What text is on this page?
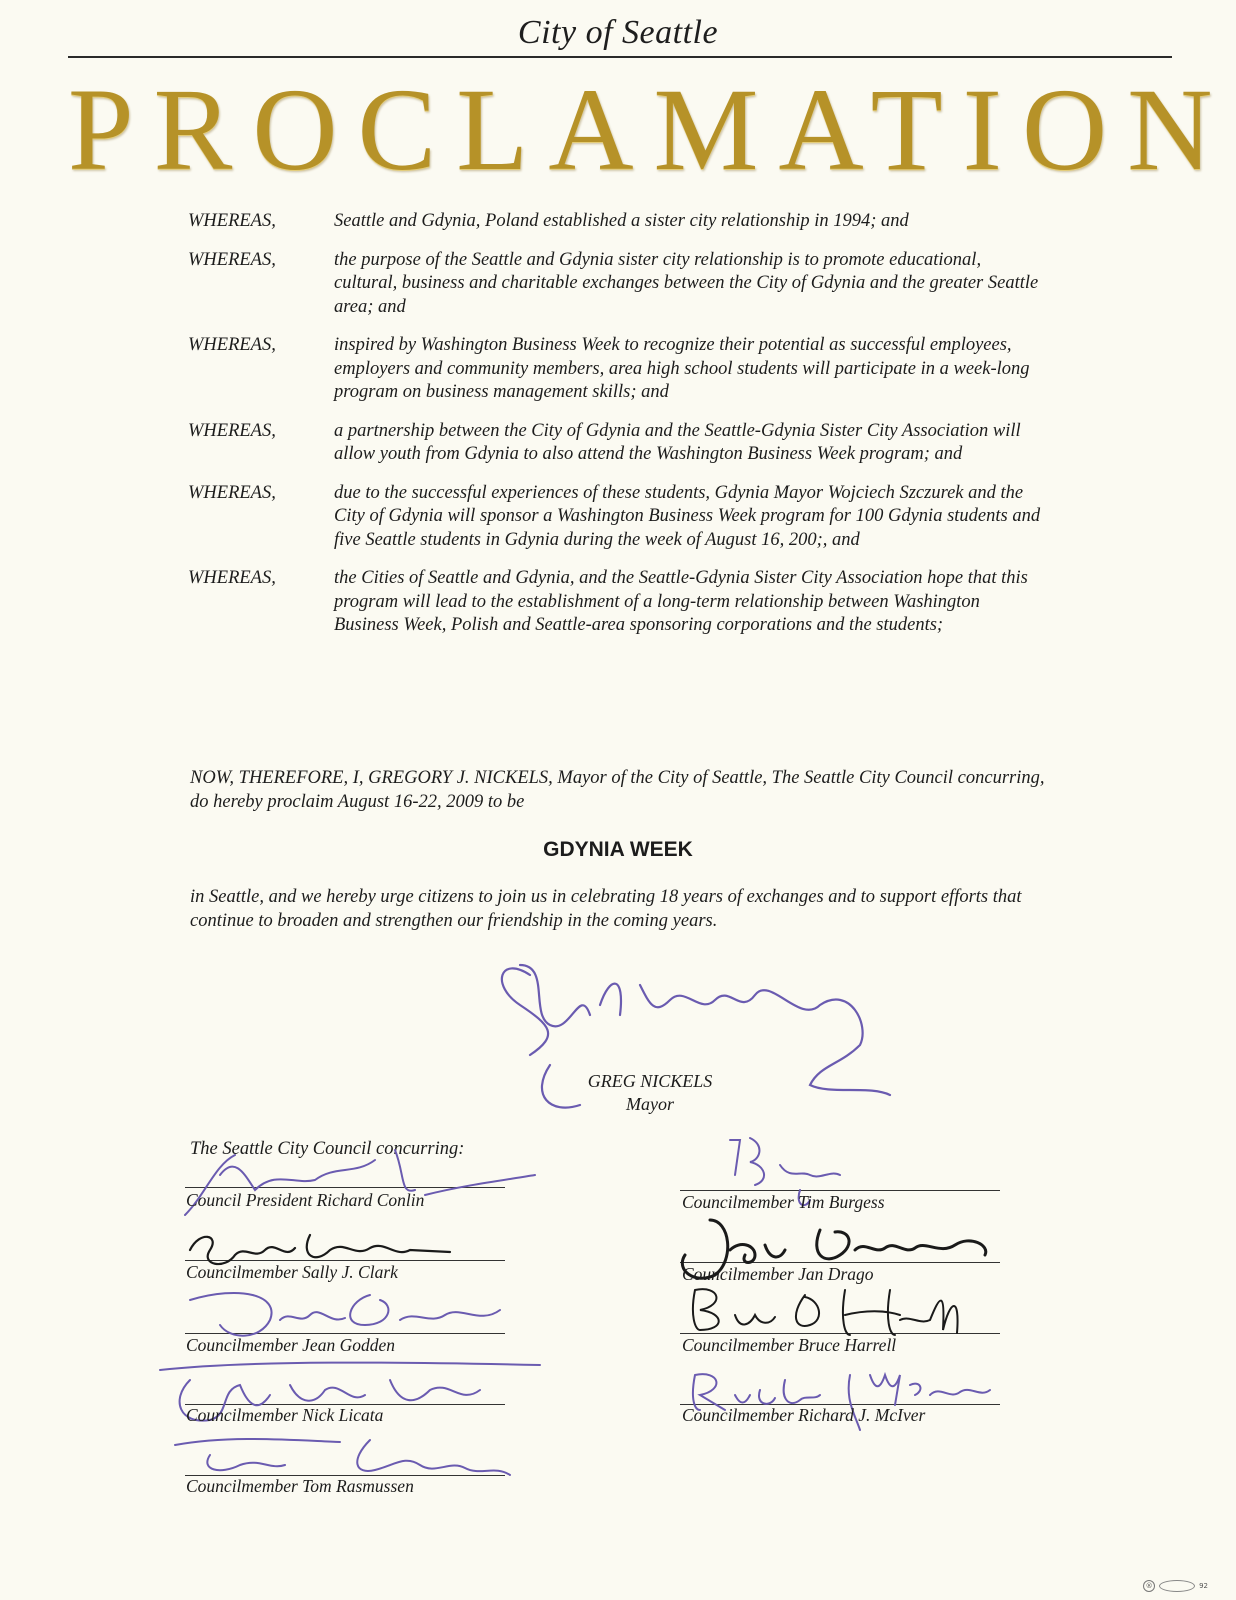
City of Seattle
PROCLAMATION
WHEREAS,	Seattle and Gdynia, Poland established a sister city relationship in 1994; and
WHEREAS,	the purpose of the Seattle and Gdynia sister city relationship is to promote educational, cultural, business and charitable exchanges between the City of Gdynia and the greater Seattle area; and
WHEREAS,	inspired by Washington Business Week to recognize their potential as successful employees, employers and community members, area high school students will participate in a week-long program on business management skills; and
WHEREAS,	a partnership between the City of Gdynia and the Seattle-Gdynia Sister City Association will allow youth from Gdynia to also attend the Washington Business Week program; and
WHEREAS,	due to the successful experiences of these students, Gdynia Mayor Wojciech Szczurek and the City of Gdynia will sponsor a Washington Business Week program for 100 Gdynia students and five Seattle students in Gdynia during the week of August 16, 200;, and
WHEREAS,	the Cities of Seattle and Gdynia, and the Seattle-Gdynia Sister City Association hope that this program will lead to the establishment of a long-term relationship between Washington Business Week, Polish and Seattle-area sponsoring corporations and the students;
NOW, THEREFORE, I, GREGORY J. NICKELS, Mayor of the City of Seattle, The Seattle City Council concurring, do hereby proclaim August 16-22, 2009 to be
GDYNIA WEEK
in Seattle, and we hereby urge citizens to join us in celebrating 18 years of exchanges and to support efforts that continue to broaden and strengthen our friendship in the coming years.
GREG NICKELS
Mayor
The Seattle City Council concurring:
Council President Richard Conlin
Councilmember Sally J. Clark
Councilmember Jean Godden
Councilmember Nick Licata
Councilmember Tom Rasmussen
Councilmember Tim Burgess
Councilmember Jan Drago
Councilmember Bruce Harrell
Councilmember Richard J. McIver
®	92
